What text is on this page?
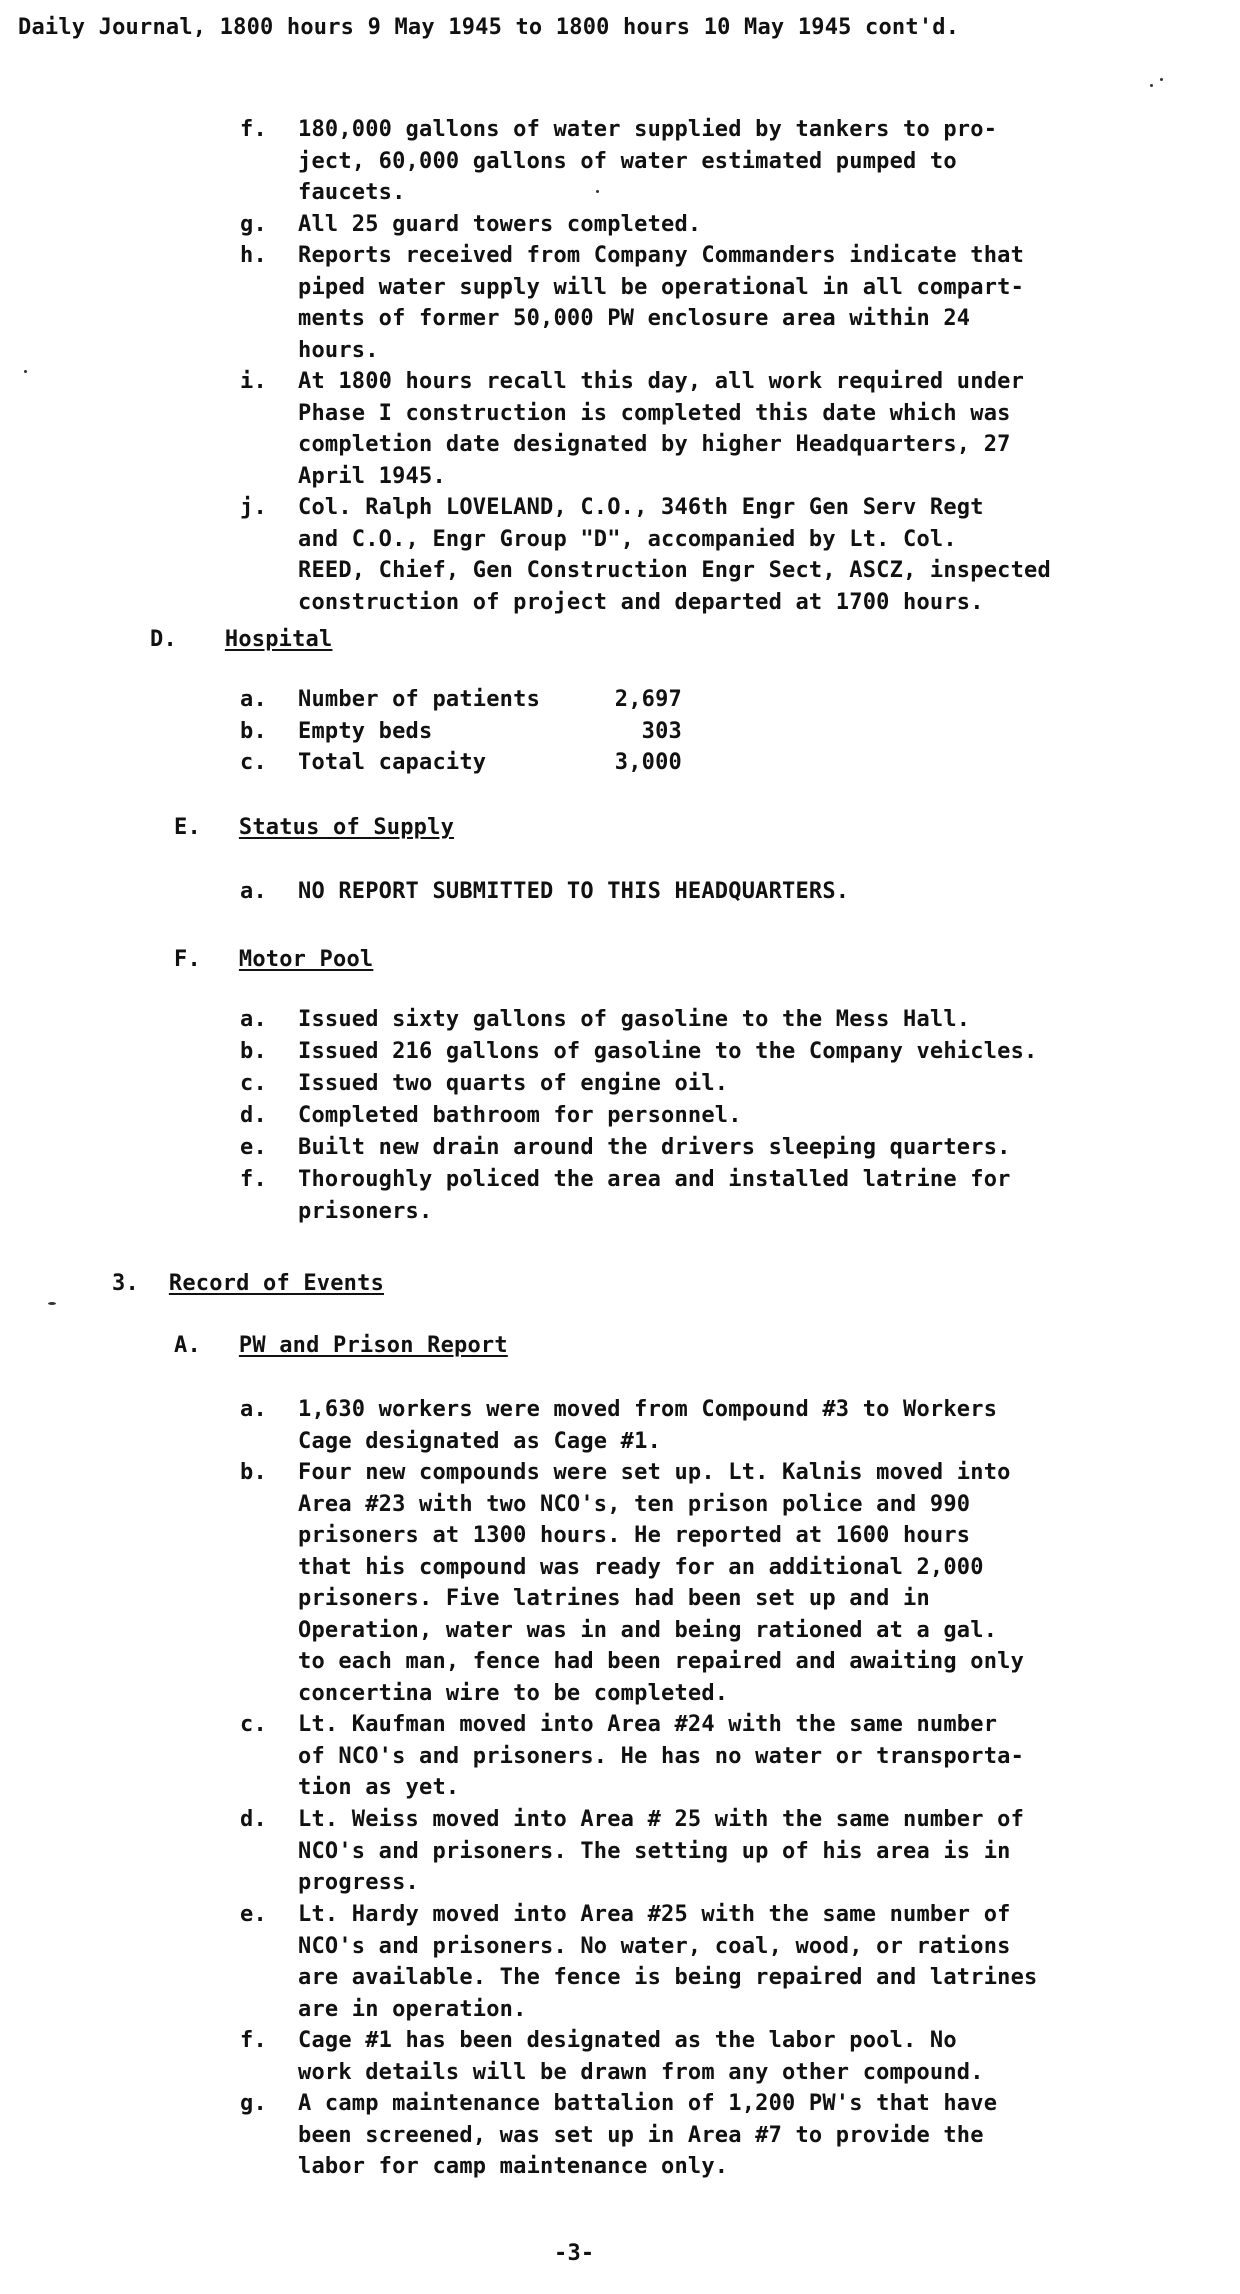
Daily Journal, 1800 hours 9 May 1945 to 1800 hours 10 May 1945 cont'd.
f.	180,000 gallons of water supplied by tankers to pro-
ject, 60,000 gallons of water estimated pumped to
faucets.
g.	All 25 guard towers completed.
h.	Reports received from Company Commanders indicate that
piped water supply will be operational in all compart-
ments of former 50,000 PW enclosure area within 24
hours.
i.	At 1800 hours recall this day, all work required under
Phase I construction is completed this date which was
completion date designated by higher Headquarters, 27
April 1945.
j.	Col. Ralph LOVELAND, C.O., 346th Engr Gen Serv Regt
and C.O., Engr Group "D", accompanied by Lt. Col.
REED, Chief, Gen Construction Engr Sect, ASCZ, inspected
construction of project and departed at 1700 hours.
D. Hospital
a.	Number of patients	2,697
b.	Empty beds	303
c.	Total capacity	3,000
E. Status of Supply
a.	NO REPORT SUBMITTED TO THIS HEADQUARTERS.
F. Motor Pool
a.	Issued sixty gallons of gasoline to the Mess Hall.
b.	Issued 216 gallons of gasoline to the Company vehicles.
c.	Issued two quarts of engine oil.
d.	Completed bathroom for personnel.
e.	Built new drain around the drivers sleeping quarters.
f.	Thoroughly policed the area and installed latrine for
prisoners.
3. Record of Events
A. PW and Prison Report
a.	1,630 workers were moved from Compound #3 to Workers
Cage designated as Cage #1.
b.	Four new compounds were set up. Lt. Kalnis moved into
Area #23 with two NCO's, ten prison police and 990
prisoners at 1300 hours. He reported at 1600 hours
that his compound was ready for an additional 2,000
prisoners. Five latrines had been set up and in
Operation, water was in and being rationed at a gal.
to each man, fence had been repaired and awaiting only
concertina wire to be completed.
c.	Lt. Kaufman moved into Area #24 with the same number
of NCO's and prisoners. He has no water or transporta-
tion as yet.
d.	Lt. Weiss moved into Area # 25 with the same number of
NCO's and prisoners. The setting up of his area is in
progress.
e.	Lt. Hardy moved into Area #25 with the same number of
NCO's and prisoners. No water, coal, wood, or rations
are available. The fence is being repaired and latrines
are in operation.
f.	Cage #1 has been designated as the labor pool. No
work details will be drawn from any other compound.
g.	A camp maintenance battalion of 1,200 PW's that have
been screened, was set up in Area #7 to provide the
labor for camp maintenance only.
-3-
